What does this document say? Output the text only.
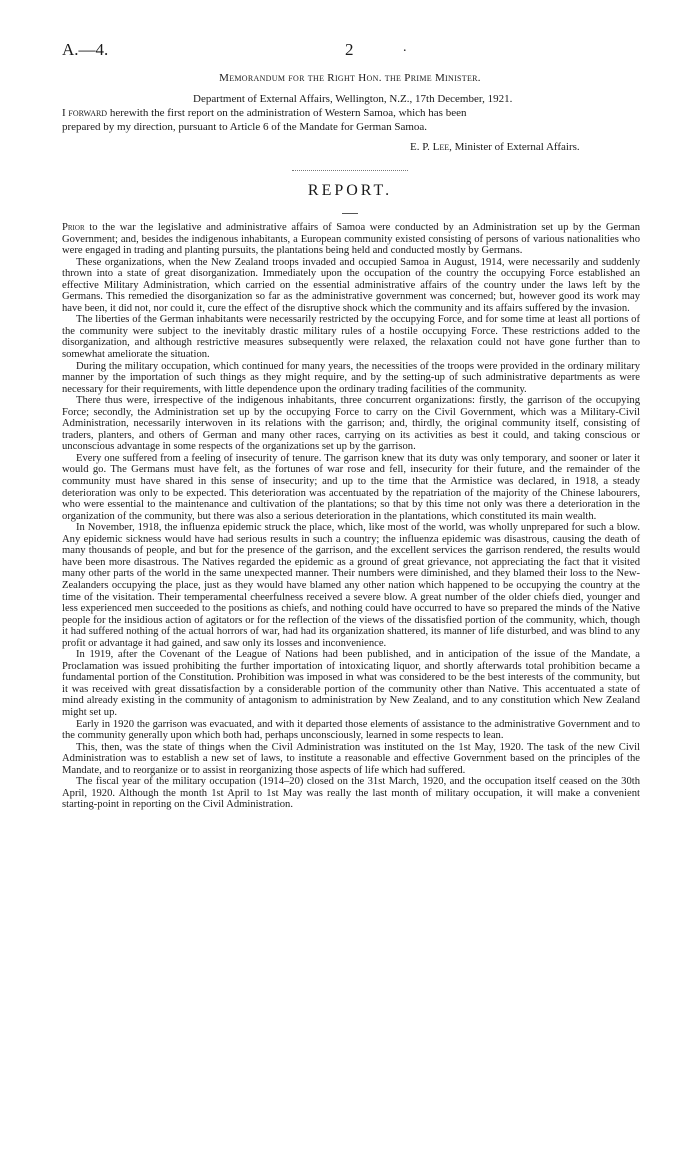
A.—4.	2	.
Memorandum for the Right Hon. the Prime Minister.
Department of External Affairs, Wellington, N.Z., 17th December, 1921.
I forward herewith the first report on the administration of Western Samoa, which has been
prepared by my direction, pursuant to Article 6 of the Mandate for German Samoa.
E. P. Lee, Minister of External Affairs.
REPORT.

Prior to the war the legislative and administrative affairs of Samoa were conducted by an Administration set up by the German Government; and, besides the indigenous inhabitants, a European community existed consisting of persons of various nationalities who were engaged in trading and planting pursuits, the plantations being held and conducted mostly by Germans.

These organizations, when the New Zealand troops invaded and occupied Samoa in August, 1914, were necessarily and suddenly thrown into a state of great disorganization. Immediately upon the occupation of the country the occupying Force established an effective Military Administration, which carried on the essential administrative affairs of the country under the laws left by the Germans. This remedied the disorganization so far as the administrative government was concerned; but, however good its work may have been, it did not, nor could it, cure the effect of the disruptive shock which the community and its affairs suffered by the invasion.

The liberties of the German inhabitants were necessarily restricted by the occupying Force, and for some time at least all portions of the community were subject to the inevitably drastic military rules of a hostile occupying Force. These restrictions added to the disorganization, and although restrictive measures subsequently were relaxed, the relaxation could not have gone further than to somewhat ameliorate the situation.

During the military occupation, which continued for many years, the necessities of the troops were provided in the ordinary military manner by the importation of such things as they might require, and by the setting-up of such administrative departments as were necessary for their requirements, with little dependence upon the ordinary trading facilities of the community.

There thus were, irrespective of the indigenous inhabitants, three concurrent organizations: firstly, the garrison of the occupying Force; secondly, the Administration set up by the occupying Force to carry on the Civil Government, which was a Military-Civil Administration, necessarily interwoven in its relations with the garrison; and, thirdly, the original community itself, consisting of traders, planters, and others of German and many other races, carrying on its activities as best it could, and taking conscious or unconscious advantage in some respects of the organizations set up by the garrison.

Every one suffered from a feeling of insecurity of tenure. The garrison knew that its duty was only temporary, and sooner or later it would go. The Germans must have felt, as the fortunes of war rose and fell, insecurity for their future, and the remainder of the community must have shared in this sense of insecurity; and up to the time that the Armistice was declared, in 1918, a steady deterioration was only to be expected. This deterioration was accentuated by the repatriation of the majority of the Chinese labourers, who were essential to the maintenance and cultivation of the plantations; so that by this time not only was there a deterioration in the organization of the community, but there was also a serious deterioration in the plantations, which constituted its main wealth.

In November, 1918, the influenza epidemic struck the place, which, like most of the world, was wholly unprepared for such a blow. Any epidemic sickness would have had serious results in such a country; the influenza epidemic was disastrous, causing the death of many thousands of people, and but for the presence of the garrison, and the excellent services the garrison rendered, the results would have been more disastrous. The Natives regarded the epidemic as a ground of great grievance, not appreciating the fact that it visited many other parts of the world in the same unexpected manner. Their numbers were diminished, and they blamed their loss to the New-Zealanders occupying the place, just as they would have blamed any other nation which happened to be occupying the country at the time of the visitation. Their temperamental cheerfulness received a severe blow. A great number of the older chiefs died, younger and less experienced men succeeded to the positions as chiefs, and nothing could have occurred to have so prepared the minds of the Native people for the insidious action of agitators or for the reflection of the views of the dissatisfied portion of the community, which, though it had suffered nothing of the actual horrors of war, had had its organization shattered, its manner of life disturbed, and was blind to any profit or advantage it had gained, and saw only its losses and inconvenience.

In 1919, after the Covenant of the League of Nations had been published, and in anticipation of the issue of the Mandate, a Proclamation was issued prohibiting the further importation of intoxicating liquor, and shortly afterwards total prohibition became a fundamental portion of the Constitution. Prohibition was imposed in what was considered to be the best interests of the community, but it was received with great dissatisfaction by a considerable portion of the community other than Native. This accentuated a state of mind already existing in the community of antagonism to administration by New Zealand, and to any constitution which New Zealand might set up.

Early in 1920 the garrison was evacuated, and with it departed those elements of assistance to the administrative Government and to the community generally upon which both had, perhaps unconsciously, learned in some respects to lean.

This, then, was the state of things when the Civil Administration was instituted on the 1st May, 1920. The task of the new Civil Administration was to establish a new set of laws, to institute a reasonable and effective Government based on the principles of the Mandate, and to reorganize or to assist in reorganizing those aspects of life which had suffered.

The fiscal year of the military occupation (1914–20) closed on the 31st March, 1920, and the occupation itself ceased on the 30th April, 1920. Although the month 1st April to 1st May was really the last month of military occupation, it will make a convenient starting-point in reporting on the Civil Administration.
